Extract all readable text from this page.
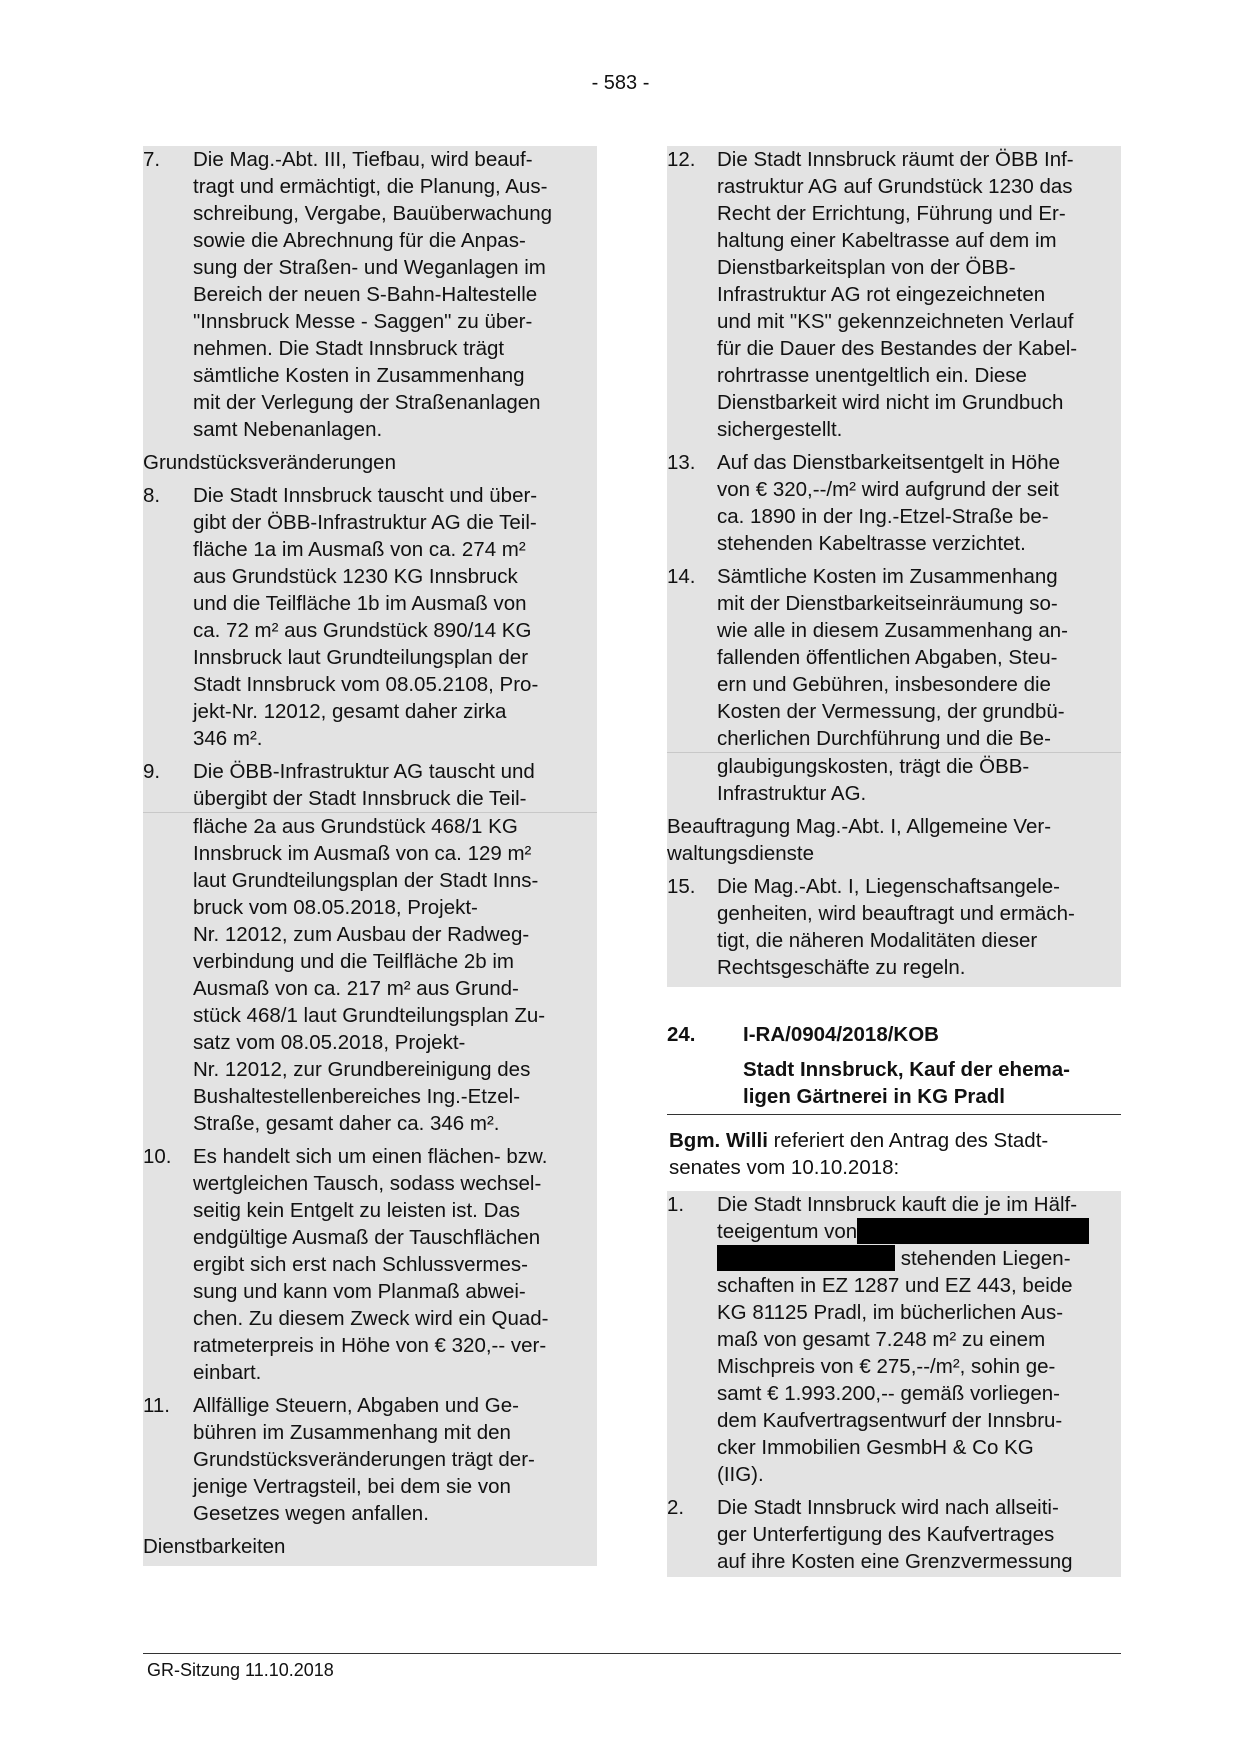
- 583 -
7.	Die Mag.-Abt. III, Tiefbau, wird beauf-
tragt und ermächtigt, die Planung, Aus-
schreibung, Vergabe, Bauüberwachung
sowie die Abrechnung für die Anpas-
sung der Straßen- und Weganlagen im
Bereich der neuen S-Bahn-Haltestelle
"Innsbruck Messe - Saggen" zu über-
nehmen. Die Stadt Innsbruck trägt
sämtliche Kosten in Zusammenhang
mit der Verlegung der Straßenanlagen
samt Nebenanlagen.
Grundstücksveränderungen
8.	Die Stadt Innsbruck tauscht und über-
gibt der ÖBB-Infrastruktur AG die Teil-
fläche 1a im Ausmaß von ca. 274 m²
aus Grundstück 1230 KG Innsbruck
und die Teilfläche 1b im Ausmaß von
ca. 72 m² aus Grundstück 890/14 KG
Innsbruck laut Grundteilungsplan der
Stadt Innsbruck vom 08.05.2108, Pro-
jekt-Nr. 12012, gesamt daher zirka
346 m².
9.	Die ÖBB-Infrastruktur AG tauscht und
übergibt der Stadt Innsbruck die Teil-
fläche 2a aus Grundstück 468/1 KG
Innsbruck im Ausmaß von ca. 129 m²
laut Grundteilungsplan der Stadt Inns-
bruck vom 08.05.2018, Projekt-
Nr. 12012, zum Ausbau der Radweg-
verbindung und die Teilfläche 2b im
Ausmaß von ca. 217 m² aus Grund-
stück 468/1 laut Grundteilungsplan Zu-
satz vom 08.05.2018, Projekt-
Nr. 12012, zur Grundbereinigung des
Bushaltestellenbereiches Ing.-Etzel-
Straße, gesamt daher ca. 346 m².
10.	Es handelt sich um einen flächen- bzw.
wertgleichen Tausch, sodass wechsel-
seitig kein Entgelt zu leisten ist. Das
endgültige Ausmaß der Tauschflächen
ergibt sich erst nach Schlussvermes-
sung und kann vom Planmaß abwei-
chen. Zu diesem Zweck wird ein Quad-
ratmeterpreis in Höhe von € 320,-- ver-
einbart.
11.	Allfällige Steuern, Abgaben und Ge-
bühren im Zusammenhang mit den
Grundstücksveränderungen trägt der-
jenige Vertragsteil, bei dem sie von
Gesetzes wegen anfallen.
Dienstbarkeiten
12.	Die Stadt Innsbruck räumt der ÖBB Inf-
rastruktur AG auf Grundstück 1230 das
Recht der Errichtung, Führung und Er-
haltung einer Kabeltrasse auf dem im
Dienstbarkeitsplan von der ÖBB-
Infrastruktur AG rot eingezeichneten
und mit "KS" gekennzeichneten Verlauf
für die Dauer des Bestandes der Kabel-
rohrtrasse unentgeltlich ein. Diese
Dienstbarkeit wird nicht im Grundbuch
sichergestellt.
13.	Auf das Dienstbarkeitsentgelt in Höhe
von € 320,--/m² wird aufgrund der seit
ca. 1890 in der Ing.-Etzel-Straße be-
stehenden Kabeltrasse verzichtet.
14.	Sämtliche Kosten im Zusammenhang
mit der Dienstbarkeitseinräumung so-
wie alle in diesem Zusammenhang an-
fallenden öffentlichen Abgaben, Steu-
ern und Gebühren, insbesondere die
Kosten der Vermessung, der grundbü-
cherlichen Durchführung und die Be-
glaubigungskosten, trägt die ÖBB-
Infrastruktur AG.
Beauftragung Mag.-Abt. I, Allgemeine Ver-
waltungsdienste
15.	Die Mag.-Abt. I, Liegenschaftsangele-
genheiten, wird beauftragt und ermäch-
tigt, die näheren Modalitäten dieser
Rechtsgeschäfte zu regeln.
24.	I-RA/0904/2018/KOB
Stadt Innsbruck, Kauf der ehema-
ligen Gärtnerei in KG Pradl
Bgm. Willi referiert den Antrag des Stadt-
senates vom 10.10.2018:
1.	Die Stadt Innsbruck kauft die je im Hälf-
teeigentum von
stehenden Liegen-
schaften in EZ 1287 und EZ 443, beide
KG 81125 Pradl, im bücherlichen Aus-
maß von gesamt 7.248 m² zu einem
Mischpreis von € 275,--/m², sohin ge-
samt € 1.993.200,-- gemäß vorliegen-
dem Kaufvertragsentwurf der Innsbru-
cker Immobilien GesmbH & Co KG
(IIG).
2.	Die Stadt Innsbruck wird nach allseiti-
ger Unterfertigung des Kaufvertrages
auf ihre Kosten eine Grenzvermessung
GR-Sitzung 11.10.2018
